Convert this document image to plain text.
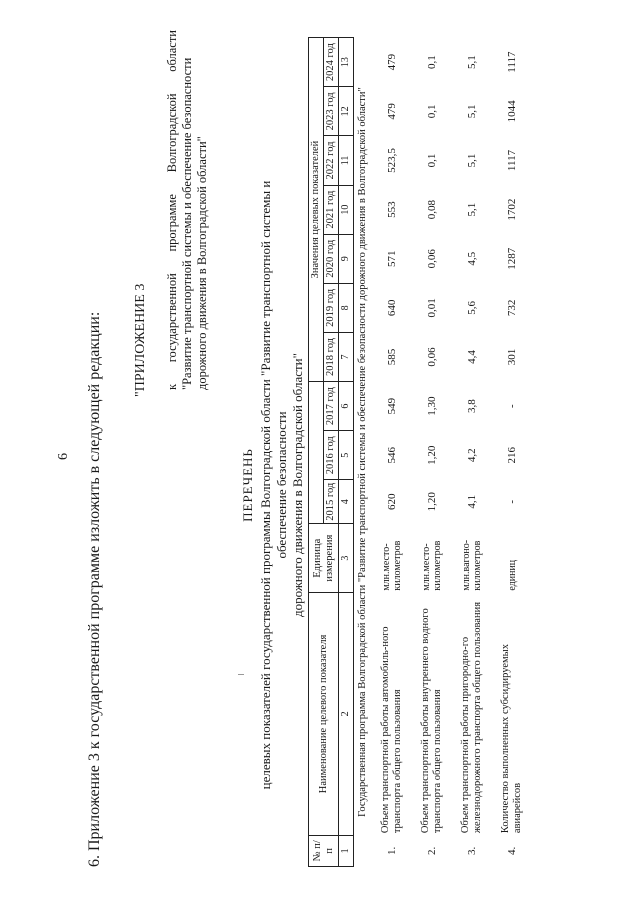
6 6. Приложение 3 к государственной программе изложить в следующей редакции: "ПРИЛОЖЕНИЕ 3 к государственной программе Волгоградской области "Развитие транспортной системы и обеспечение безопасности дорожного движения в Волгоградской области"
ПЕРЕЧЕНЬ целевых показателей государственной программы Волгоградской области "Развитие транспортной системы и обеспечение безопасности дорожного движения в Волгоградской области"
№ п/п	Наименование целевого показателя	Единица измерения				Значения целевых показателей						
			2015 год	2016 год	2017 год	2018 год	2019 год	2020 год	2021 год	2022 год	2023 год	2024 год
1	2	3	4	5	6	7	8	9	10	11	12	13
Государственная программа Волгоградской области "Развитие транспортной системы и обеспечение безопасности дорожного движения в Волгоградской области"												
1.	Объем транспортной работы автомобиль-ного транспорта общего пользования	млн.место-километров	620	546	549	585	640	571	553	523,5	479	479
2.	Объем транспортной работы внутреннего водного транспорта общего пользования	млн.место-километров	1,20	1,20	1,30	0,06	0,01	0,06	0,08	0,1	0,1	0,1
3.	Объем транспортной работы пригородно-го железнодорожного транспорта общего пользования	млн.вагоно-километров	4,1	4,2	3,8	4,4	5,6	4,5	5,1	5,1	5,1	5,1
4.	Количество выполненных субсидируемых авиарейсов	единиц	-	216	-	301	732	1287	1702	1117	1044	1117
